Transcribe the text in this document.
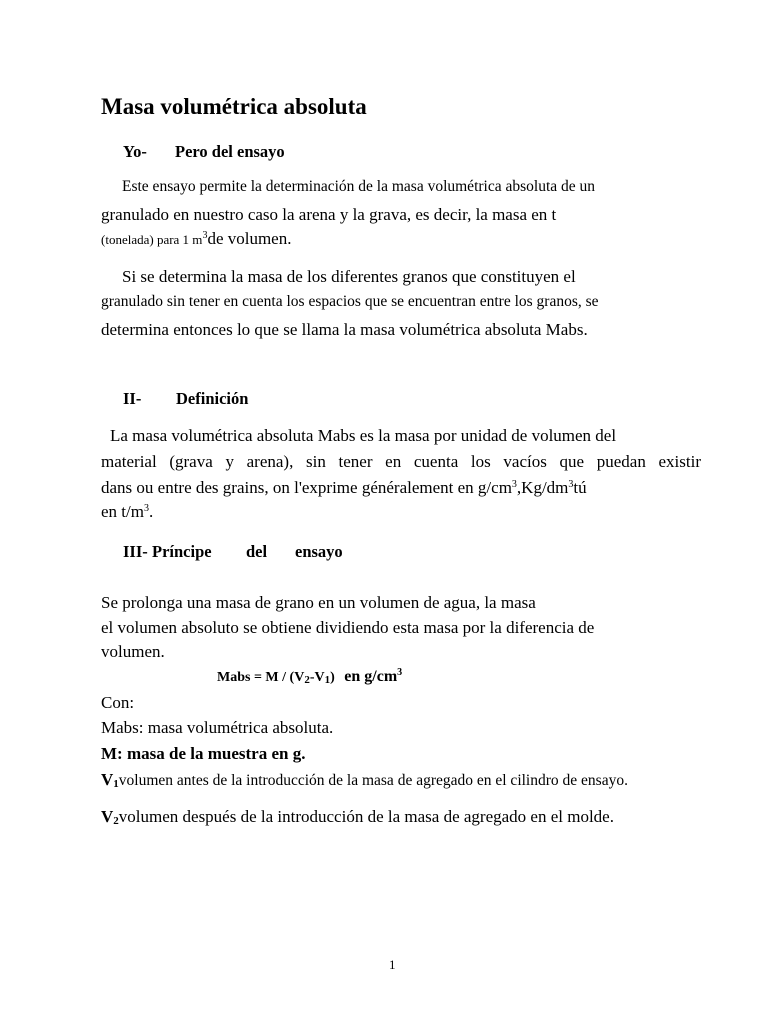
Masa volumétrica absoluta
Yo- Pero del ensayo
Este ensayo permite la determinación de la masa volumétrica absoluta de un
granulado en nuestro caso la arena y la grava, es decir, la masa en t
(tonelada) para 1 $m^3de$ volumen.
Si se determina la masa de los diferentes granos que constituyen el
granulado sin tener en cuenta los espacios que se encuentran entre los granos, se
determina entonces lo que se llama la masa volumétrica absoluta Mabs.
II- Definición
La masa volumétrica absoluta Mabs es la masa por unidad de volumen del
material (grava y arena), sin tener en cuenta los vacíos que puedan existir
dans ou entre des grains, on l'exprime généralement en $g/cm^3,Kg/dm^3tú$
en $t/m^3$.
III- Príncipe del ensayo
Se prolonga una masa de grano en un volumen de agua, la masa
el volumen absoluto se obtiene dividiendo esta masa por la diferencia de
volumen.
Mabs = M / $(V_2-V_1)$ en $g/cm^3$
Con:
Mabs: masa volumétrica absoluta.
M: masa de la muestra en g.
$V_1volumen$ antes de la introducción de la masa de agregado en el cilindro de ensayo.
$V_2volumen$ después de la introducción de la masa de agregado en el molde.
1
